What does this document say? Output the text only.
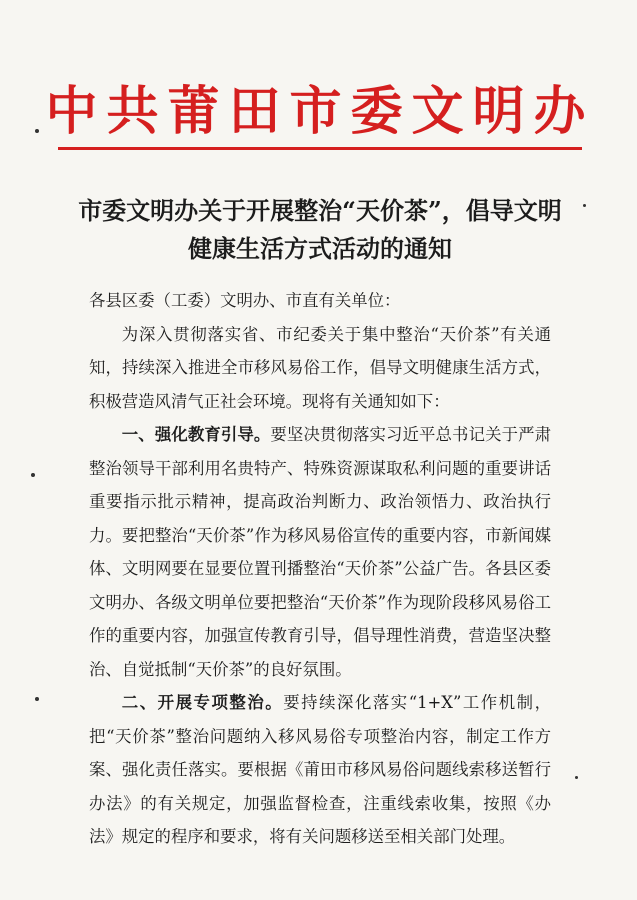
中共莆田市委文明办
市委文明办关于开展整治“天价茶”，倡导文明
健康生活方式活动的通知

各县区委（工委）文明办、市直有关单位：

为深入贯彻落实省、市纪委关于集中整治“天价茶”有关通知，持续深入推进全市移风易俗工作，倡导文明健康生活方式，积极营造风清气正社会环境。现将有关通知如下：

一、强化教育引导。要坚决贯彻落实习近平总书记关于严肃整治领导干部利用名贵特产、特殊资源谋取私利问题的重要讲话重要指示批示精神，提高政治判断力、政治领悟力、政治执行力。要把整治“天价茶”作为移风易俗宣传的重要内容，市新闻媒体、文明网要在显要位置刊播整治“天价茶”公益广告。各县区委文明办、各级文明单位要把整治“天价茶”作为现阶段移风易俗工作的重要内容，加强宣传教育引导，倡导理性消费，营造坚决整治、自觉抵制“天价茶”的良好氛围。

二、开展专项整治。要持续深化落实“1+X”工作机制，把“天价茶”整治问题纳入移风易俗专项整治内容，制定工作方案、强化责任落实。要根据《莆田市移风易俗问题线索移送暂行办法》的有关规定，加强监督检查，注重线索收集，按照《办法》规定的程序和要求，将有关问题移送至相关部门处理。
